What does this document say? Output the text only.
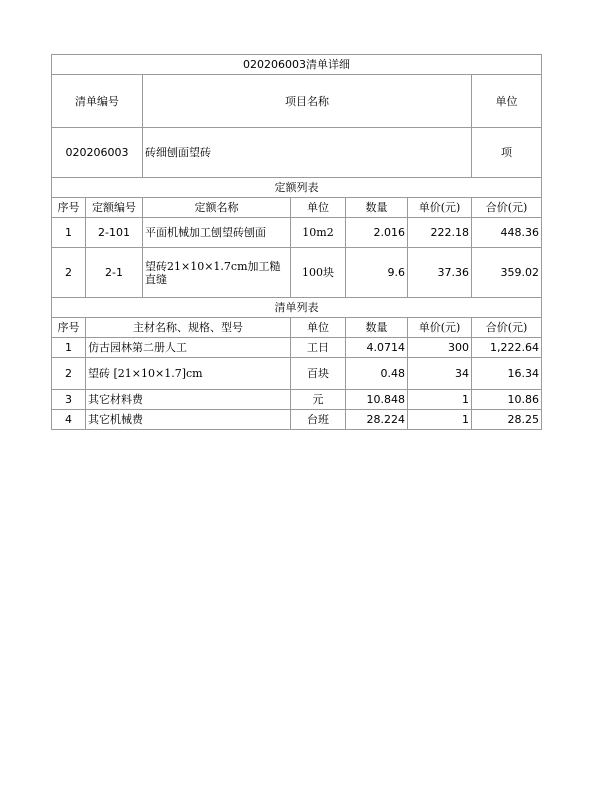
020206003清单详细							
清单编号		项目名称				单位	
020206003		砖细刨面望砖				项	
定额列表							
序号	定额编号	定额名称	单位	数量	单价(元)	合价(元)	
1	2-101	平面机械加工刨望砖刨面	10m2	2.016	222.18	448.36	
2	2-1	望砖21×10×1.7cm加工糙直缝	100块	9.6	37.36	359.02	
清单列表							
序号	主材名称、规格、型号		单位	数量	单价(元)	合价(元)	
1	仿古园林第二册人工		工日	4.0714	300	1,222.64	
2	望砖 [21×10×1.7]cm		百块	0.48	34	16.34	
3	其它材料费		元	10.848	1	10.86	
4	其它机械费		台班	28.224	1	28.25	
